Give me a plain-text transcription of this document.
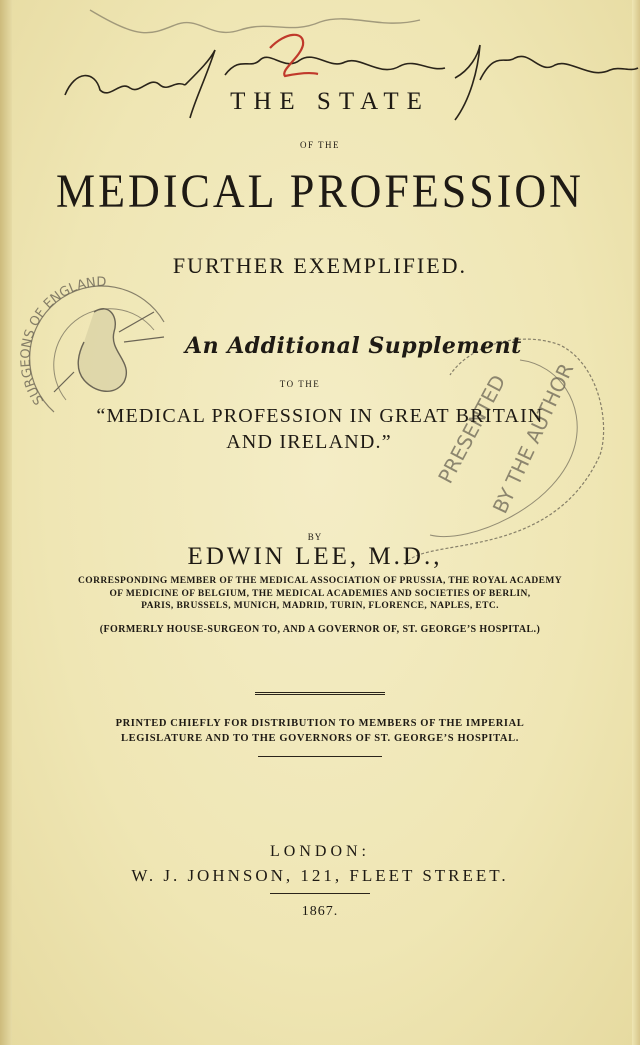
SURGEONS OF ENGLAND
PRESENTED
BY THE AUTHOR
THE STATE
OF THE
MEDICAL PROFESSION
FURTHER EXEMPLIFIED.
An Additional Supplement
TO THE
“MEDICAL PROFESSION IN GREAT BRITAIN
AND IRELAND.”
BY
EDWIN LEE, M.D.,
CORRESPONDING MEMBER OF THE MEDICAL ASSOCIATION OF PRUSSIA, THE ROYAL ACADEMY
OF MEDICINE OF BELGIUM, THE MEDICAL ACADEMIES AND SOCIETIES OF BERLIN,
PARIS, BRUSSELS, MUNICH, MADRID, TURIN, FLORENCE, NAPLES, ETC.
(FORMERLY HOUSE-SURGEON TO, AND A GOVERNOR OF, ST. GEORGE’S HOSPITAL.)
PRINTED CHIEFLY FOR DISTRIBUTION TO MEMBERS OF THE IMPERIAL
LEGISLATURE AND TO THE GOVERNORS OF ST. GEORGE’S HOSPITAL.
LONDON:
W. J. JOHNSON, 121, FLEET STREET.
1867.
